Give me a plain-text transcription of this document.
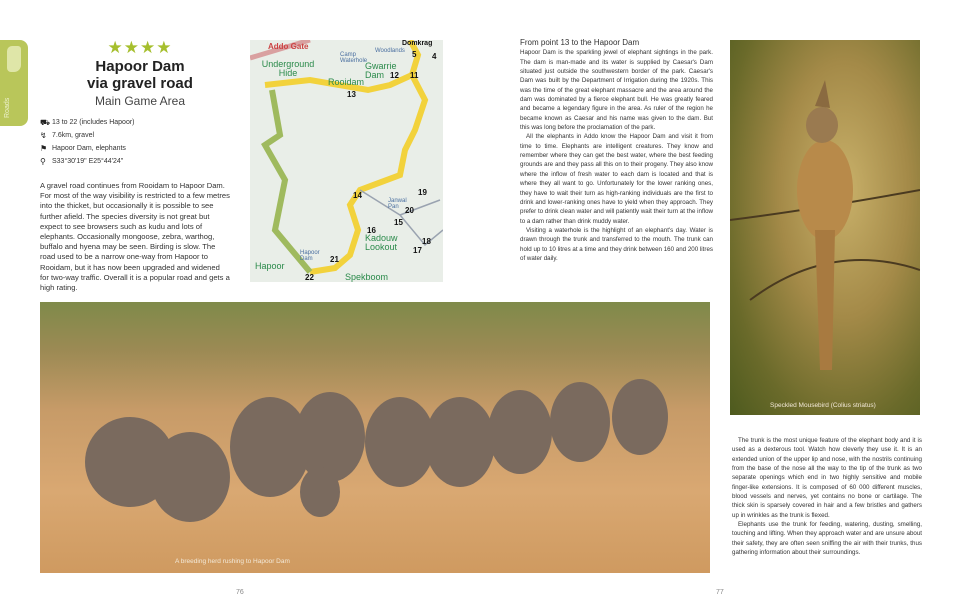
Roads
★★★★
Hapoor Dam
via gravel road
Main Game Area
⛟ 13 to 22 (includes Hapoor)
↯ 7.6km, gravel
⚑ Hapoor Dam, elephants
⚲ S33°30'19" E25°44'24"
A gravel road continues from Rooidam to Hapoor Dam. For most of the way visibility is restricted to a few metres into the thicket, but occasionally it is possible to see further afield. The species diversity is not great but expect to see browsers such as kudu and lots of elephants. Occasionally mongoose, zebra, warthog, buffalo and hyena may be seen. Birding is slow. The road used to be a narrow one-way from Hapoor to Rooidam, but it has now been upgraded and widened for two-way traffic. Overall it is a popular road and gets a high rating.
Addo Gate
Underground Hide
Camp Waterhole
Woodlands
Domkrag
Gwarrie Dam
Rooidam
Janwal Pan
Kadouw Lookout
Hapoor Dam
Hapoor
Spekboom
4
5
11
12
13
14
15
16
17
18
19
20
21
22
From point 13 to the Hapoor Dam

Hapoor Dam is the sparkling jewel of elephant sightings in the park. The dam is man-made and its water is supplied by Caesar's Dam situated just outside the southwestern border of the park. Caesar's Dam was built by the Department of Irrigation during the 1920s. This was the time of the great elephant massacre and the area around the dam was dominated by a fierce elephant bull. He was greatly feared and became a legendary figure in the area. As ruler of the region he became known as Caesar and his name was given to the dam. But this was long before the proclamation of the park.

All the elephants in Addo know the Hapoor Dam and visit it from time to time. Elephants are intelligent creatures. They know and remember where they can get the best water, where the best feeding grounds are and they pass all this on to their progeny. They also know where the inflow of fresh water to each dam is located and that is where they all want to go. Unfortunately for the lower ranking ones, they have to wait their turn as high-ranking individuals are the first to drink and lower-ranking ones have to yield when they approach. They prefer to drink clean water and will patiently wait their turn at the inflow to a dam rather than drink muddy water.

Visiting a waterhole is the highlight of an elephant's day. Water is drawn through the trunk and transferred to the mouth. The trunk can hold up to 10 litres at a time and they drink between 160 and 200 litres of water daily.

Speckled Mousebird (Colius striatus)
A breeding herd rushing to Hapoor Dam

The trunk is the most unique feature of the elephant body and it is used as a dexterous tool. Watch how cleverly they use it. It is an extended union of the upper lip and nose, with the nostrils continuing from the base of the nose all the way to the tip of the trunk as two separate openings which end in two highly sensitive and mobile finger-like extensions. It is composed of 60 000 different muscles, blood vessels and nerves, yet contains no bone or cartilage. The thick skin is sparsely covered in hair and a few bristles and gathers up in wrinkles as the trunk is flexed.

Elephants use the trunk for feeding, watering, dusting, smelling, touching and lifting. When they approach water and are unsure about their safety, they are often seen sniffing the air with their trunks, thus gathering information about their surroundings.

76	77
